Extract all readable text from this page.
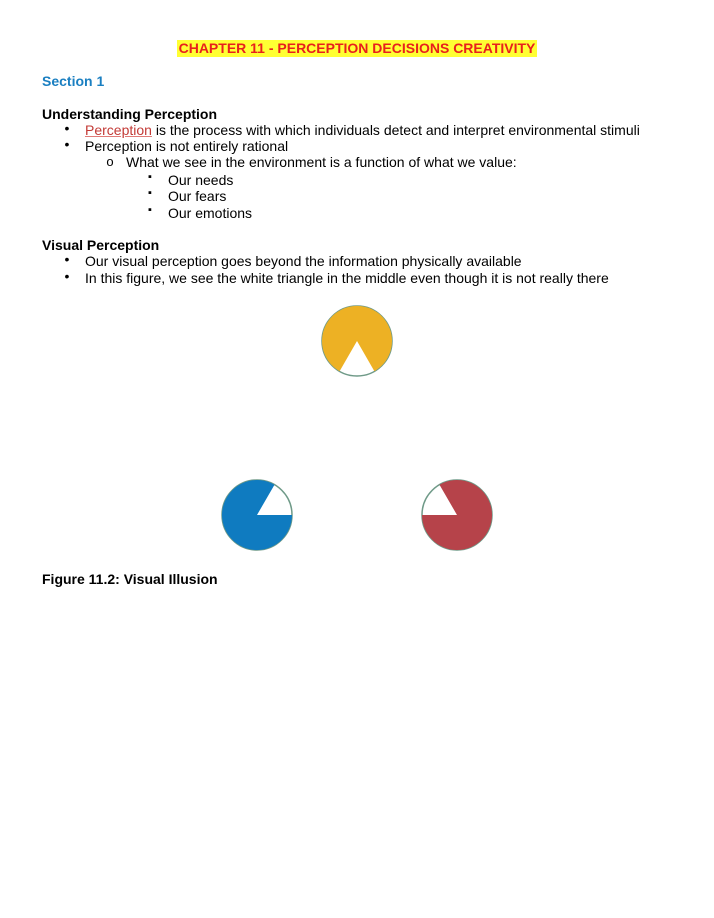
CHAPTER 11 - PERCEPTION DECISIONS CREATIVITY
Section 1
Understanding Perception
• Perception is the process with which individuals detect and interpret environmental stimuli
• Perception is not entirely rational
o What we see in the environment is a function of what we value:
▪ Our needs
▪ Our fears
▪ Our emotions
Visual Perception
• Our visual perception goes beyond the information physically available
• In this figure, we see the white triangle in the middle even though it is not really there
Figure 11.2: Visual Illusion
